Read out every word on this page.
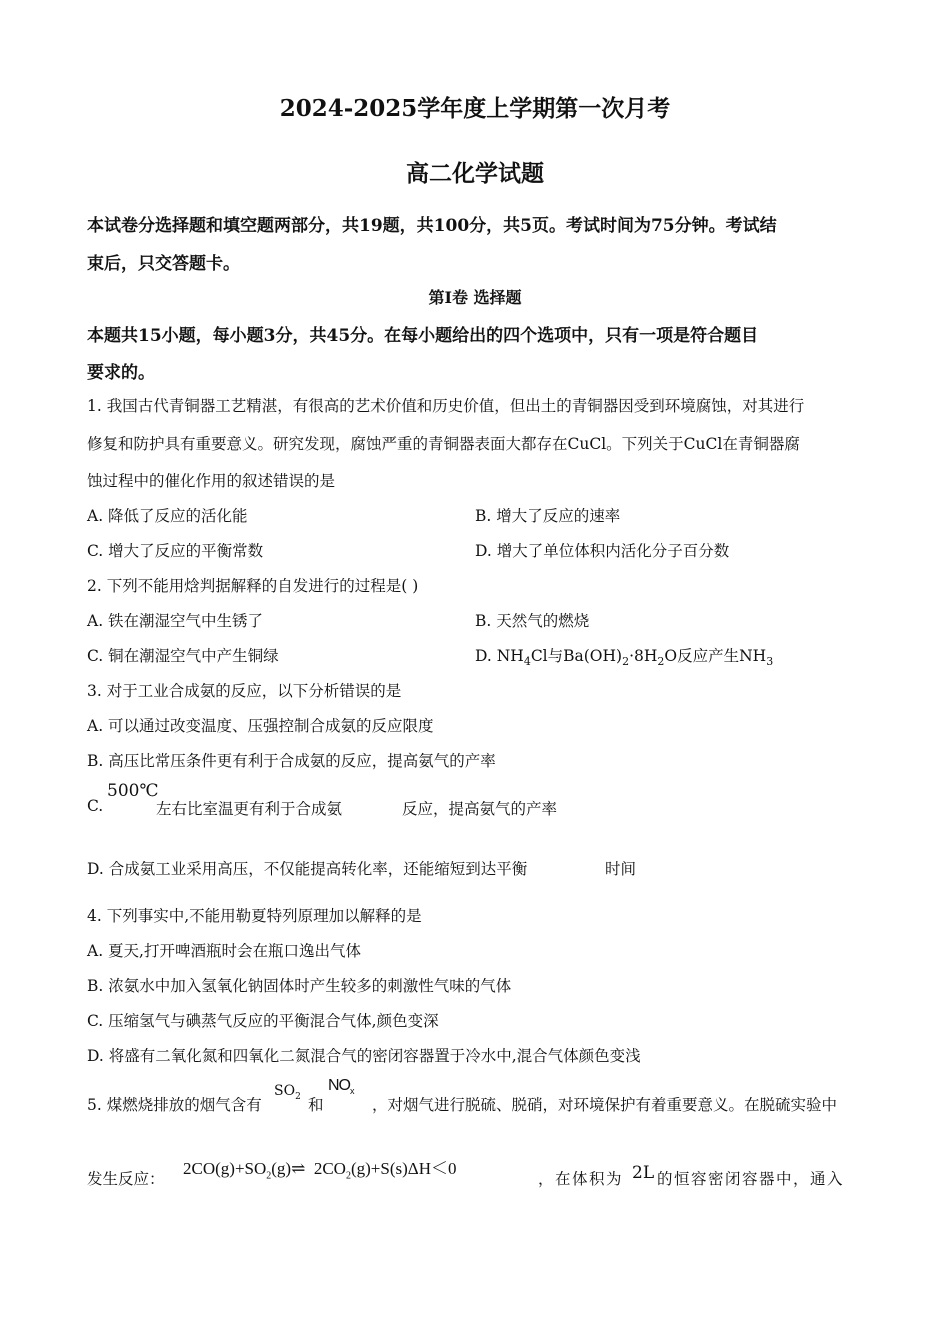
2024-2025学年度上学期第一次月考
高二化学试题
本试卷分选择题和填空题两部分，共19题，共100分，共5页。考试时间为75分钟。考试结
束后，只交答题卡。
第I卷 选择题
本题共15小题，每小题3分，共45分。在每小题给出的四个选项中，只有一项是符合题目
要求的。
1. 我国古代青铜器工艺精湛，有很高的艺术价值和历史价值，但出土的青铜器因受到环境腐蚀，对其进行
修复和防护具有重要意义。研究发现，腐蚀严重的青铜器表面大都存在CuCl。下列关于CuCl在青铜器腐
蚀过程中的催化作用的叙述错误的是
A. 降低了反应的活化能	B. 增大了反应的速率
C. 增大了反应的平衡常数	D. 增大了单位体积内活化分子百分数
2. 下列不能用焓判据解释的自发进行的过程是( )
A. 铁在潮湿空气中生锈了	B. 天然气的燃烧
C. 铜在潮湿空气中产生铜绿	D. $NH_4Cl$与$Ba(OH)_2\cdot 8H_2O$反应产生$NH_3$
3. 对于工业合成氨的反应，以下分析错误的是
A. 可以通过改变温度、压强控制合成氨的反应限度
B. 高压比常压条件更有利于合成氨的反应，提高氨气的产率
C.
500℃
左右比室温更有利于合成氨	反应，提高氨气的产率
D. 合成氨工业采用高压，不仅能提高转化率，还能缩短到达平衡	时间
4. 下列事实中,不能用勒夏特列原理加以解释的是
A. 夏天,打开啤酒瓶时会在瓶口逸出气体
B. 浓氨水中加入氢氧化钠固体时产生较多的刺激性气味的气体
C. 压缩氢气与碘蒸气反应的平衡混合气体,颜色变深
D. 将盛有二氧化氮和四氧化二氮混合气的密闭容器置于冷水中,混合气体颜色变浅
5. 煤燃烧排放的烟气含有
$SO_2$ 和
$NO_x$
，对烟气进行脱硫、脱硝，对环境保护有着重要意义。在脱硫实验中
发生反应：
$2CO(g)+SO_2(g)\rightleftharpoons$ $2CO_2(g)+S(s)\Delta H<0$
，在体积为 2L 的恒容密闭容器中，通入
